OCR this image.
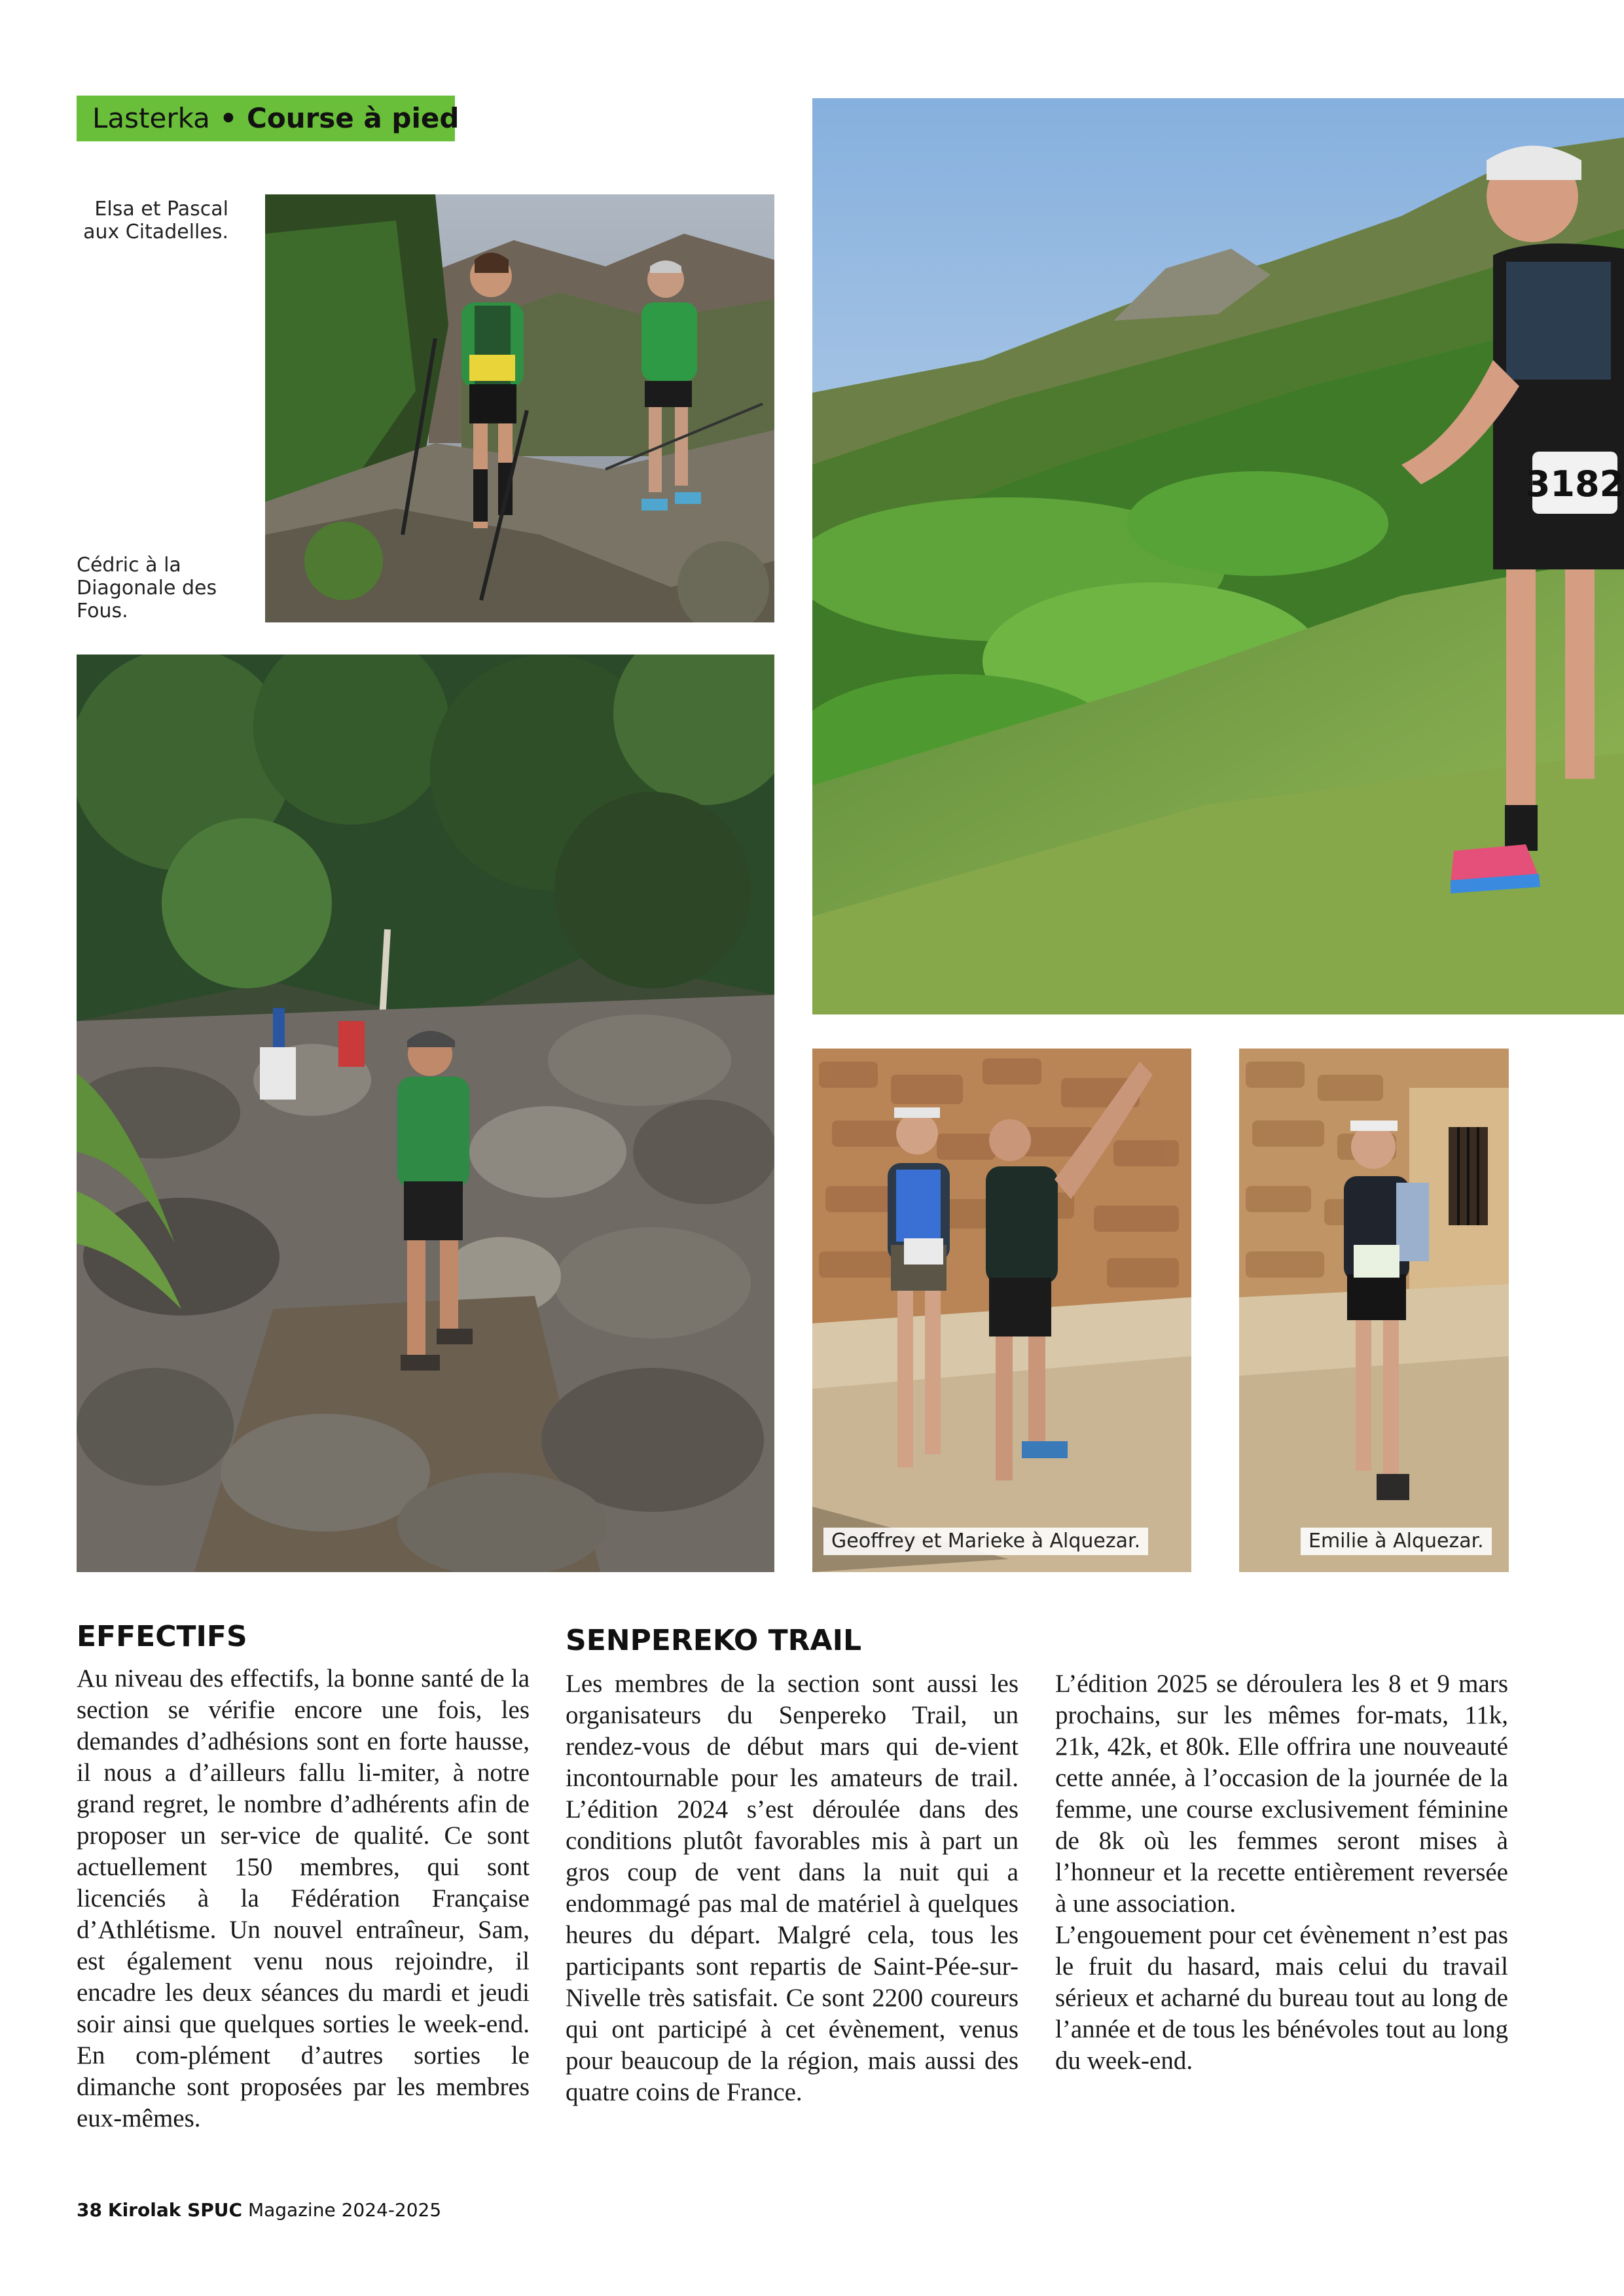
Lasterka • Course à pied
Elsa et Pascal aux Citadelles.
Cédric à la Diagonale des Fous.
3182
Geoffrey et Marieke à Alquezar.	Emilie à Alquezar.
EFFECTIFS

Au niveau des effectifs, la bonne santé de la section se vérifie encore une fois, les demandes d’adhésions sont en forte hausse, il nous a d’ailleurs fallu li-miter, à notre grand regret, le nombre d’adhérents afin de proposer un ser-vice de qualité. Ce sont actuellement 150 membres, qui sont licenciés à la Fédération Française d’Athlétisme. Un nouvel entraîneur, Sam, est également venu nous rejoindre, il encadre les deux séances du mardi et jeudi soir ainsi que quelques sorties le week-end. En com-plément d’autres sorties le dimanche sont proposées par les membres eux-mêmes.

SENPEREKO TRAIL

Les membres de la section sont aussi les organisateurs du Senpereko Trail, un rendez-vous de début mars qui de-vient incontournable pour les amateurs de trail. L’édition 2024 s’est déroulée dans des conditions plutôt favorables mis à part un gros coup de vent dans la nuit qui a endommagé pas mal de matériel à quelques heures du départ. Malgré cela, tous les participants sont repartis de Saint-Pée-sur-Nivelle très satisfait. Ce sont 2200 coureurs qui ont participé à cet évènement, venus pour beaucoup de la région, mais aussi des quatre coins de France.

L’édition 2025 se déroulera les 8 et 9 mars prochains, sur les mêmes for-mats, 11k, 21k, 42k, et 80k. Elle offrira une nouveauté cette année, à l’occasion de la journée de la femme, une course exclusivement féminine de 8k où les femmes seront mises à l’honneur et la recette entièrement reversée à une association.

L’engouement pour cet évènement n’est pas le fruit du hasard, mais celui du travail sérieux et acharné du bureau tout au long de l’année et de tous les bénévoles tout au long du week-end.

38 Kirolak SPUC Magazine 2024-2025
